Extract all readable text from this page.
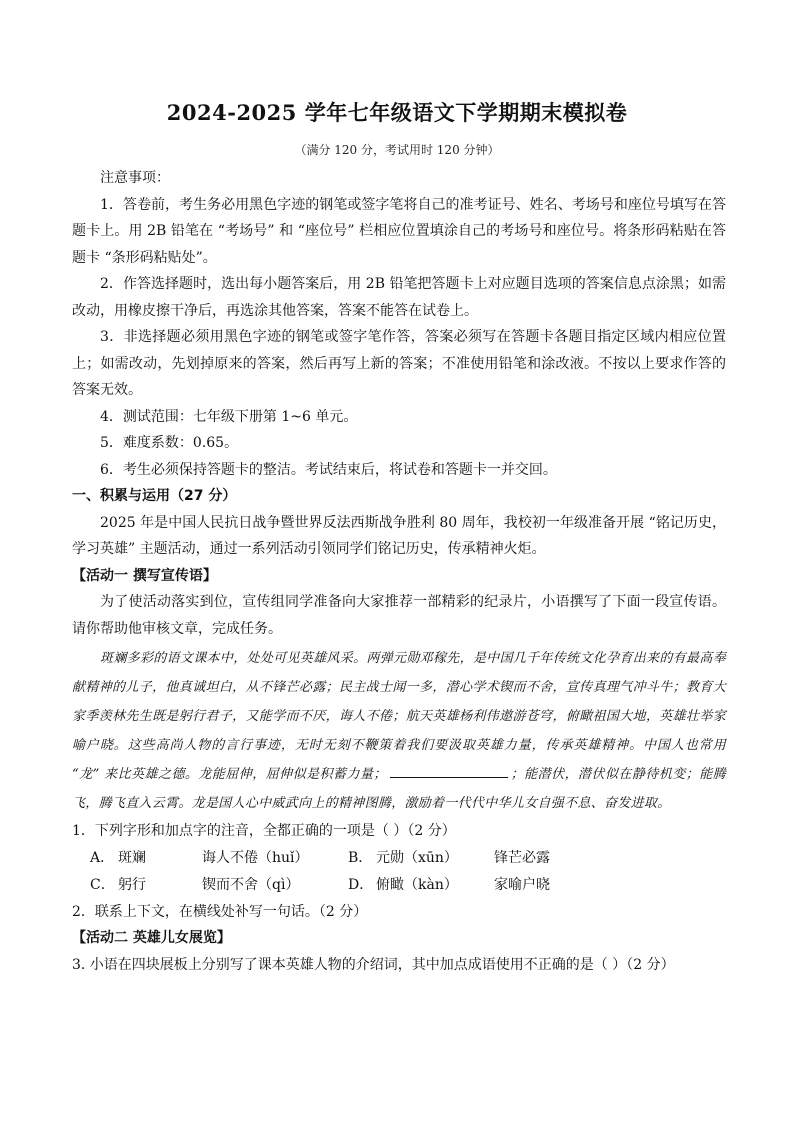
2024-2025 学年七年级语文下学期期末模拟卷
（满分 120 分，考试用时 120 分钟）

注意事项：

1．答卷前，考生务必用黑色字迹的钢笔或签字笔将自己的准考证号、姓名、考场号和座位号填写在答题卡上。用 2B 铅笔在 “考场号” 和 “座位号” 栏相应位置填涂自己的考场号和座位号。将条形码粘贴在答题卡 “条形码粘贴处”。

2．作答选择题时，选出每小题答案后，用 2B 铅笔把答题卡上对应题目选项的答案信息点涂黑；如需改动，用橡皮擦干净后，再选涂其他答案，答案不能答在试卷上。

3．非选择题必须用黑色字迹的钢笔或签字笔作答，答案必须写在答题卡各题目指定区域内相应位置上；如需改动，先划掉原来的答案，然后再写上新的答案；不准使用铅笔和涂改液。不按以上要求作答的答案无效。

4．测试范围：七年级下册第 1~6 单元。

5．难度系数：0.65。

6．考生必须保持答题卡的整洁。考试结束后，将试卷和答题卡一并交回。

一、积累与运用（27 分）

2025 年是中国人民抗日战争暨世界反法西斯战争胜利 80 周年，我校初一年级准备开展 “铭记历史，学习英雄” 主题活动，通过一系列活动引领同学们铭记历史，传承精神火炬。

【活动一 撰写宣传语】

为了使活动落实到位，宣传组同学准备向大家推荐一部精彩的纪录片，小语撰写了下面一段宣传语。请你帮助他审核文章，完成任务。

斑斓多彩的语文课本中，处处可见英雄风采。两弹元勋邓稼先，是中国几千年传统文化孕育出来的有最高奉献精神的儿子，他真诚坦白，从不锋芒必露；民主战士闻一多，潜心学术锲而不舍，宣传真理气冲斗牛；教育大家季羡林先生既是躬行君子，又能学而不厌，诲人不倦；航天英雄杨利伟遨游苍穹，俯瞰祖国大地，英雄壮举家喻户晓。这些高尚人物的言行事迹，无时无刻不鞭策着我们要汲取英雄力量，传承英雄精神。中国人也常用 “龙” 来比英雄之德。龙能屈伸，屈伸似是积蓄力量；	；能潜伏，潜伏似在静待机变；能腾飞，腾飞直入云霄。龙是国人心中威武向上的精神图腾，激励着一代代中华儿女自强不息、奋发进取。

1．下列字形和加点字的注音，全都正确的一项是（ ）（2 分）

A． 斑斓	诲人不倦（huǐ）	B． 元勋（xūn）	锋芒必露
C． 躬行	锲而不舍（qì）	D． 俯瞰（kàn）	家喻户晓

2．联系上下文，在横线处补写一句话。（2 分）

【活动二 英雄儿女展览】

3. 小语在四块展板上分别写了课本英雄人物的介绍词，其中加点成语使用不正确的是（ ）（2 分）
